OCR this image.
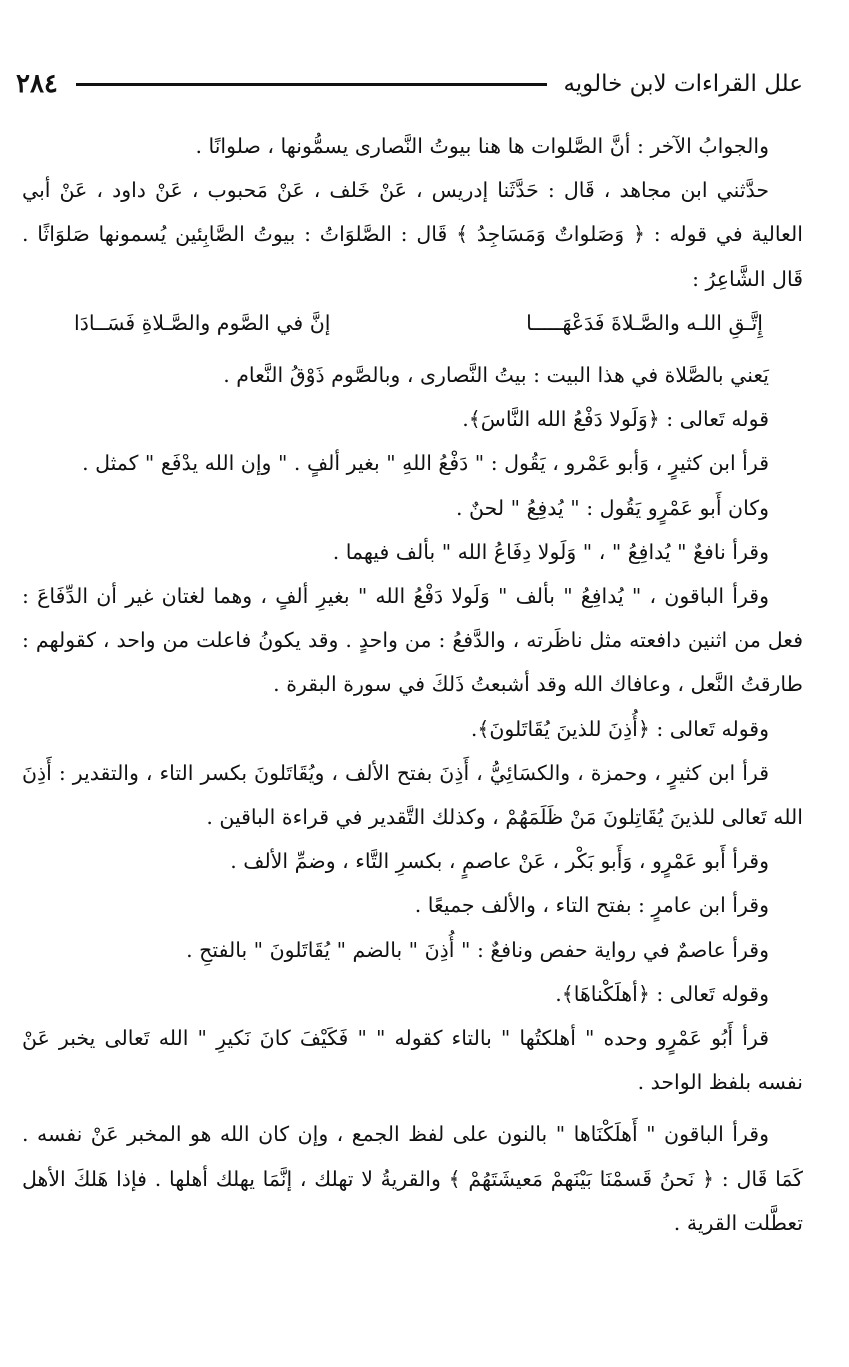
٢٨٤	علل القراءات لابن خالويه

والجوابُ الآخر : أنَّ الصَّلوات ها هنا بيوتُ النَّصارى يسمُّونها ، صلوانًا .

حدَّثني ابن مجاهد ، قَال : حَدَّثَنا إدريس ، عَنْ خَلف ، عَنْ مَحبوب ، عَنْ داود ، عَنْ أبي العالية في قوله : ﴿ وَصَلواتٌ وَمَسَاجِدُ ﴾ قَال : الصَّلوَاتُ : بيوتُ الصَّابِئين يُسمونها صَلوَاثًا . قَال الشَّاعِرُ :

إِتَّـقِ اللـه والصَّـلاةَ فَدَعْهَـــــا
إنَّ في الصَّوم والصَّـلاةِ فَسَــادَا

يَعني بالصَّلاة في هذا البيت : بيتُ النَّصارى ، وبالصَّوم ذَوْقُ النَّعام .

قوله تَعالى : ﴿وَلَولا دَفْعُ الله النَّاسَ﴾.

قرأ ابن كثيرٍ ، وَأبو عَمْرو ، يَقُول : " دَفْعُ اللهِ " بغير ألفٍ . " وإن الله يدْفَع " كمثل .

وكان أَبو عَمْرٍو يَقُول : " يُدفِعُ " لحنٌ .

وقرأ نافعٌ " يُدافِعُ " ، " وَلَولا دِفَاعُ الله " بألف فيهما .

وقرأ الباقون ، " يُدافِعُ " بألف " وَلَولا دَفْعُ الله " بغيرِ ألفٍ ، وهما لغتان غير أن الدِّفَاعَ : فعل من اثنين دافعته مثل ناظَرته ، والدَّفعُ : من واحدٍ . وقد يكونُ فاعلت من واحد ، كقولهم : طارقتُ النَّعل ، وعافاك الله وقد أشبعتُ ذَلكَ في سورة البقرة .

وقوله تَعالى : ﴿أُذِنَ للذينَ يُقَاتَلونَ﴾.

قرأ ابن كثيرٍ ، وحمزة ، والكسَائِيُّ ، أَذِنَ بفتح الألف ، ويُقَاتَلونَ بكسر التاء ، والتقدير : أَذِنَ الله تَعالى للذينَ يُقَاتِلونَ مَنْ ظَلَمَهُمْ ، وكذلك التَّقدير في قراءة الباقين .

وقرأ أَبو عَمْرٍو ، وَأَبو بَكْر ، عَنْ عاصمٍ ، بكسرِ التَّاء ، وضمِّ الألف .

وقرأ ابن عامرٍ : بفتح التاء ، والألف جميعًا .

وقرأ عاصمٌ في رواية حفص ونافعٌ : " أُذِنَ " بالضم " يُقَاتَلونَ " بالفتحِ .

وقوله تَعالى : ﴿أهلَكْناهَا﴾.

قرأ أَبُو عَمْرٍو وحده " أهلكتُها " بالتاء كقوله " " فَكَيْفَ كانَ نَكيرِ " الله تَعالى يخبر عَنْ نفسه بلفظ الواحد .

وقرأ الباقون " أَهلَكْنَاها " بالنون على لفظ الجمع ، وإن كان الله هو المخبر عَنْ نفسه . كَمَا قَال : ﴿ نَحنُ قَسمْنَا بَيْنَهمْ مَعيشَتَهُمْ ﴾ والقريةُ لا تهلك ، إنَّمَا يهلك أهلها . فإذا هَلكَ الأهل تعطَّلت القرية .
